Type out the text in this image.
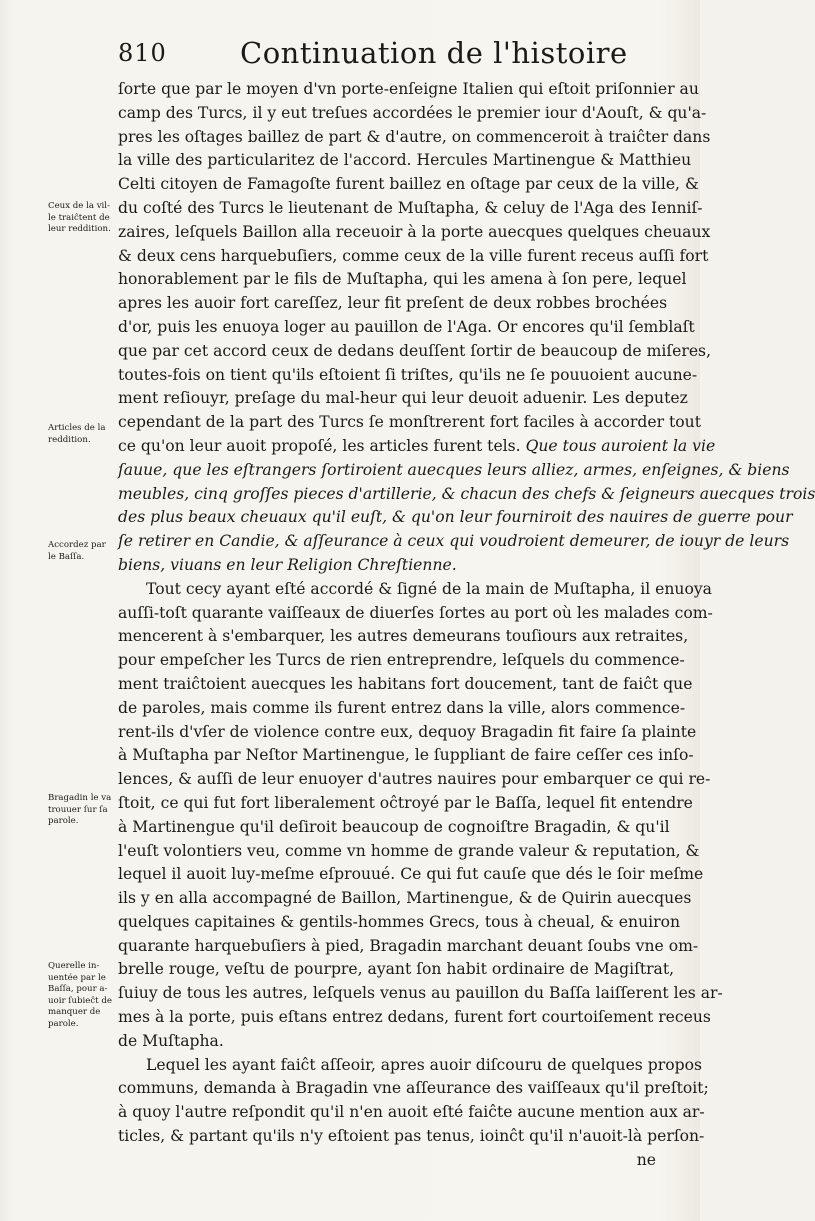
810	Continuation de l'histoire
Ceux de la vil-
le traiĉtent de
leur reddition.
Articles de la
reddition.
Accordez par
le Baſſa.
Bragadin le va
trouuer ſur ſa
parole.
Querelle in-
uentée par le
Baſſa, pour a-
uoir ſubieĉt de
manquer de
parole.
ſorte que par le moyen d'vn porte-enſeigne Italien qui eſtoit priſonnier au
camp des Turcs, il y eut treſues accordées le premier iour d'Aouſt, & qu'a-
pres les oſtages baillez de part & d'autre, on commenceroit à traiĉter dans
la ville des particularitez de l'accord. Hercules Martinengue & Matthieu
Celti citoyen de Famagoſte furent baillez en oſtage par ceux de la ville, &
du coſté des Turcs le lieutenant de Muſtapha, & celuy de l'Aga des Ienniſ-
zaires, leſquels Baillon alla receuoir à la porte auecques quelques cheuaux
& deux cens harquebuſiers, comme ceux de la ville furent receus auſſi fort
honorablement par le fils de Muſtapha, qui les amena à ſon pere, lequel
apres les auoir fort careſſez, leur fit preſent de deux robbes brochées
d'or, puis les enuoya loger au pauillon de l'Aga. Or encores qu'il ſemblaſt
que par cet accord ceux de dedans deuſſent ſortir de beaucoup de miſeres,
toutes-fois on tient qu'ils eſtoient ſi triſtes, qu'ils ne ſe pouuoient aucune-
ment reſiouyr, preſage du mal-heur qui leur deuoit aduenir. Les deputez
cependant de la part des Turcs ſe monſtrerent fort faciles à accorder tout
ce qu'on leur auoit propoſé, les articles furent tels. Que tous auroient la vie
ſauue, que les eſtrangers ſortiroient auecques leurs alliez, armes, enſeignes, & biens
meubles, cinq groſſes pieces d'artillerie, & chacun des chefs & ſeigneurs auecques trois
des plus beaux cheuaux qu'il euſt, & qu'on leur fourniroit des nauires de guerre pour
ſe retirer en Candie, & aſſeurance à ceux qui voudroient demeurer, de iouyr de leurs
biens, viuans en leur Religion Chreſtienne.
Tout cecy ayant eſté accordé & ſigné de la main de Muſtapha, il enuoya
auſſi-toſt quarante vaiſſeaux de diuerſes ſortes au port où les malades com-
mencerent à s'embarquer, les autres demeurans touſiours aux retraites,
pour empeſcher les Turcs de rien entreprendre, leſquels du commence-
ment traiĉtoient auecques les habitans fort doucement, tant de faiĉt que
de paroles, mais comme ils furent entrez dans la ville, alors commence-
rent-ils d'vſer de violence contre eux, dequoy Bragadin fit faire ſa plainte
à Muſtapha par Neſtor Martinengue, le ſuppliant de faire ceſſer ces inſo-
lences, & auſſi de leur enuoyer d'autres nauires pour embarquer ce qui re-
ſtoit, ce qui fut fort liberalement oĉtroyé par le Baſſa, lequel fit entendre
à Martinengue qu'il deſiroit beaucoup de cognoiſtre Bragadin, & qu'il
l'euſt volontiers veu, comme vn homme de grande valeur & reputation, &
lequel il auoit luy-meſme eſprouué. Ce qui fut cauſe que dés le ſoir meſme
ils y en alla accompagné de Baillon, Martinengue, & de Quirin auecques
quelques capitaines & gentils-hommes Grecs, tous à cheual, & enuiron
quarante harquebuſiers à pied, Bragadin marchant deuant ſoubs vne om-
brelle rouge, veſtu de pourpre, ayant ſon habit ordinaire de Magiſtrat,
ſuiuy de tous les autres, leſquels venus au pauillon du Baſſa laiſſerent les ar-
mes à la porte, puis eſtans entrez dedans, furent fort courtoiſement receus
de Muſtapha.
Lequel les ayant faiĉt aſſeoir, apres auoir diſcouru de quelques propos
communs, demanda à Bragadin vne aſſeurance des vaiſſeaux qu'il preſtoit;
à quoy l'autre reſpondit qu'il n'en auoit eſté faiĉte aucune mention aux ar-
ticles, & partant qu'ils n'y eſtoient pas tenus, ioinĉt qu'il n'auoit-là perſon-
ne
